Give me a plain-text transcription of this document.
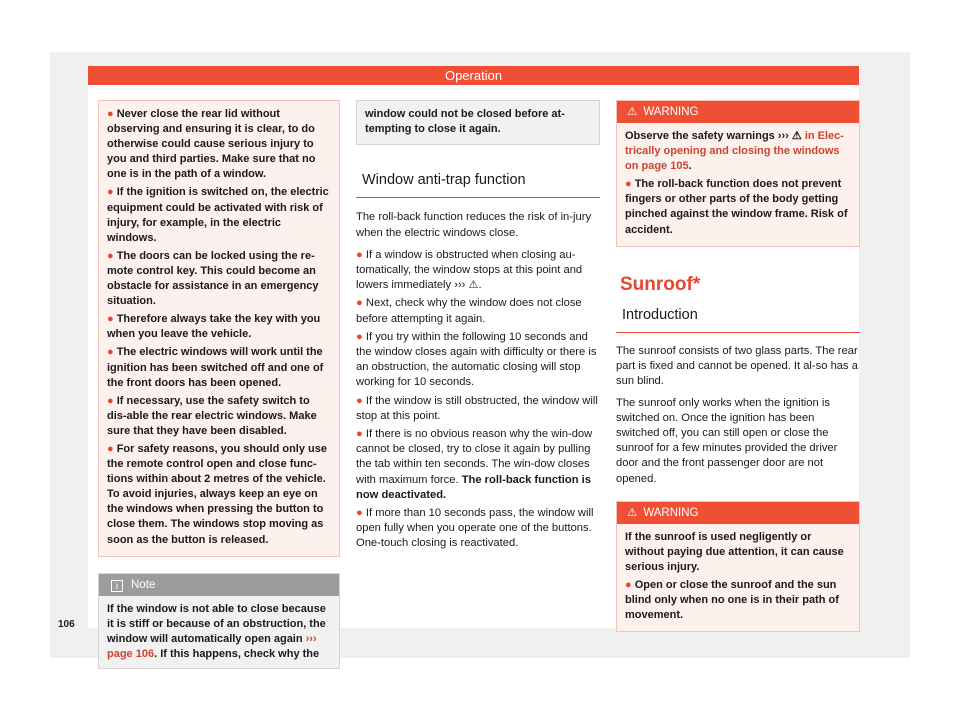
Operation

● Never close the rear lid without observing and ensuring it is clear, to do otherwise could cause serious injury to you and third parties. Make sure that no one is in the path of a window.

● If the ignition is switched on, the electric equipment could be activated with risk of injury, for example, in the electric windows.

● The doors can be locked using the re-mote control key. This could become an obstacle for assistance in an emergency situation.

● Therefore always take the key with you when you leave the vehicle.

● The electric windows will work until the ignition has been switched off and one of the front doors has been opened.

● If necessary, use the safety switch to dis-able the rear electric windows. Make sure that they have been disabled.

● For safety reasons, you should only use the remote control open and close func-tions within about 2 metres of the vehicle. To avoid injuries, always keep an eye on the windows when pressing the button to close them. The windows stop moving as soon as the button is released.

i Note
If the window is not able to close because it is stiff or because of an obstruction, the window will automatically open again ››› page 106. If this happens, check why the
window could not be closed before at-tempting to close it again.
Window anti-trap function

The roll-back function reduces the risk of in-jury when the electric windows close.

● If a window is obstructed when closing au-tomatically, the window stops at this point and lowers immediately ››› ⚠.

● Next, check why the window does not close before attempting it again.

● If you try within the following 10 seconds and the window closes again with difficulty or there is an obstruction, the automatic closing will stop working for 10 seconds.

● If the window is still obstructed, the window will stop at this point.

● If there is no obvious reason why the win-dow cannot be closed, try to close it again by pulling the tab within ten seconds. The win-dow closes with maximum force. The roll-back function is now deactivated.

● If more than 10 seconds pass, the window will open fully when you operate one of the buttons. One-touch closing is reactivated.

⚠ WARNING

Observe the safety warnings ››› ⚠ in Elec-trically opening and closing the windows on page 105.

● The roll-back function does not prevent fingers or other parts of the body getting pinched against the window frame. Risk of accident.

Sunroof*
Introduction

The sunroof consists of two glass parts. The rear part is fixed and cannot be opened. It al-so has a sun blind.

The sunroof only works when the ignition is switched on. Once the ignition has been switched off, you can still open or close the sunroof for a few minutes provided the driver door and the front passenger door are not opened.

⚠ WARNING

If the sunroof is used negligently or without paying due attention, it can cause serious injury.

● Open or close the sunroof and the sun blind only when no one is in their path of movement.

106
